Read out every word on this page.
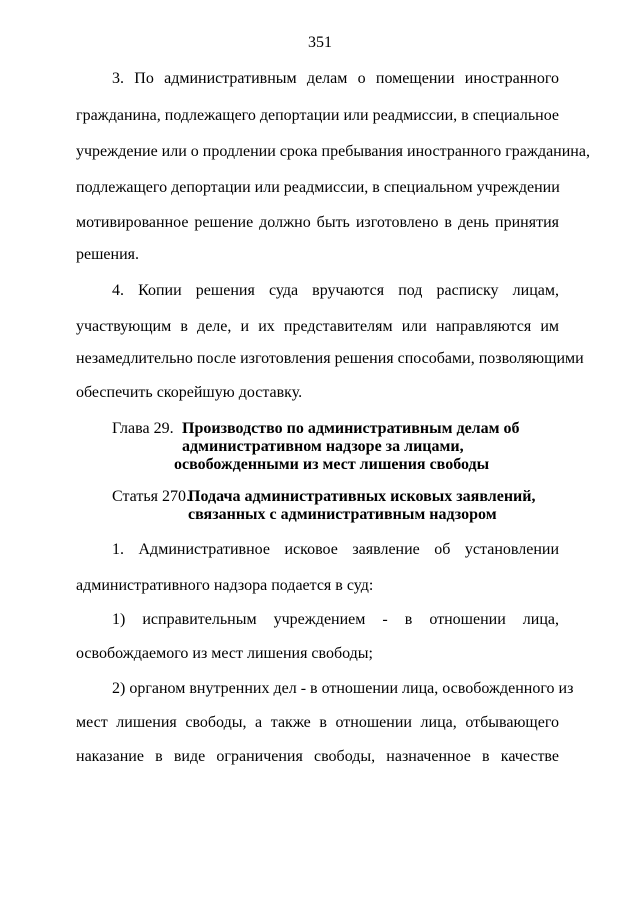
351
3. По административным делам о помещении иностранного
гражданина, подлежащего депортации или реадмиссии, в специальное
учреждение или о продлении срока пребывания иностранного гражданина,
подлежащего депортации или реадмиссии, в специальном учреждении
мотивированное решение должно быть изготовлено в день принятия
решения.
4. Копии решения суда вручаются под расписку лицам,
участвующим в деле, и их представителям или направляются им
незамедлительно после изготовления решения способами, позволяющими
обеспечить скорейшую доставку.
Глава 29. Производство по административным делам об
административном надзоре за лицами,
освобожденными из мест лишения свободы
Статья 270.
Подача административных исковых заявлений,
связанных с административным надзором
1. Административное исковое заявление об установлении
административного надзора подается в суд:
1) исправительным учреждением - в отношении лица,
освобождаемого из мест лишения свободы;
2) органом внутренних дел - в отношении лица, освобожденного из
мест лишения свободы, а также в отношении лица, отбывающего
наказание в виде ограничения свободы, назначенное в качестве
